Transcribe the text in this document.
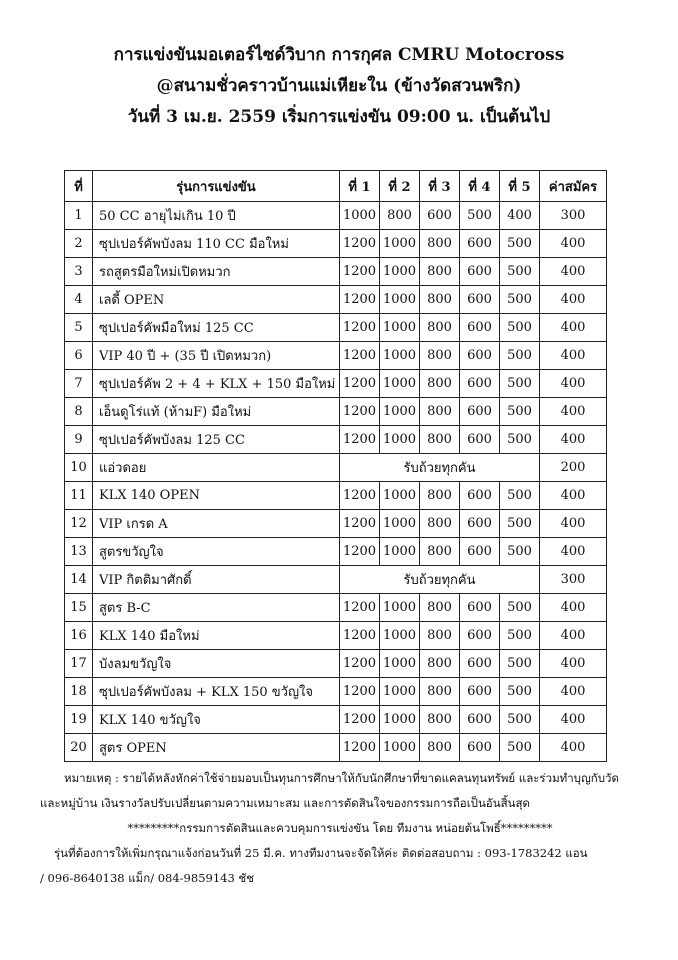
การแข่งขันมอเตอร์ไซด์วิบาก การกุศล CMRU Motocross
@สนามชั่วคราวบ้านแม่เหียะใน (ข้างวัดสวนพริก)
วันที่ 3 เม.ย. 2559 เริ่มการแข่งขัน 09:00 น. เป็นต้นไป
ที่	รุ่นการแข่งขัน	ที่ 1	ที่ 2	ที่ 3	ที่ 4	ที่ 5	ค่าสมัคร
1	50 CC อายุไม่เกิน 10 ปี	1000	800	600	500	400	300
2	ซุปเปอร์คัพบังลม 110 CC มือใหม่	1200	1000	800	600	500	400
3	รถสูตรมือใหม่เปิดหมวก	1200	1000	800	600	500	400
4	เลดี้ OPEN	1200	1000	800	600	500	400
5	ซุปเปอร์คัพมือใหม่ 125 CC	1200	1000	800	600	500	400
6	VIP 40 ปี + (35 ปี เปิดหมวก)	1200	1000	800	600	500	400
7	ซุปเปอร์คัพ 2 + 4 + KLX + 150 มือใหม่	1200	1000	800	600	500	400
8	เอ็นดูโร่แท้ (ห้ามF) มือใหม่	1200	1000	800	600	500	400
9	ซุปเปอร์คัพบังลม 125 CC	1200	1000	800	600	500	400
10	แอ่วดอย	รับถ้วยทุกคัน					200
11	KLX 140 OPEN	1200	1000	800	600	500	400
12	VIP เกรด A	1200	1000	800	600	500	400
13	สูตรขวัญใจ	1200	1000	800	600	500	400
14	VIP กิตติมาศักดิ์	รับถ้วยทุกคัน					300
15	สูตร B-C	1200	1000	800	600	500	400
16	KLX 140 มือใหม่	1200	1000	800	600	500	400
17	บังลมขวัญใจ	1200	1000	800	600	500	400
18	ซุปเปอร์คัพบังลม + KLX 150 ขวัญใจ	1200	1000	800	600	500	400
19	KLX 140 ขวัญใจ	1200	1000	800	600	500	400
20	สูตร OPEN	1200	1000	800	600	500	400
หมายเหตุ : รายได้หลังหักค่าใช้จ่ายมอบเป็นทุนการศึกษาให้กับนักศึกษาที่ขาดแคลนทุนทรัพย์ และร่วมทำบุญกับวัด
และหมู่บ้าน เงินรางวัลปรับเปลี่ยนตามความเหมาะสม และการตัดสินใจของกรรมการถือเป็นอันสิ้นสุด
*********กรรมการตัดสินและควบคุมการแข่งขัน โดย ทีมงาน หน่อยต้นโพธิ์*********
รุ่นที่ต้องการให้เพิ่มกรุณาแจ้งก่อนวันที่ 25 มี.ค. ทางทีมงานจะจัดให้ค่ะ ติดต่อสอบถาม : 093-1783242 แอน
/ 096-8640138 แม็ก/ 084-9859143 ชัช
